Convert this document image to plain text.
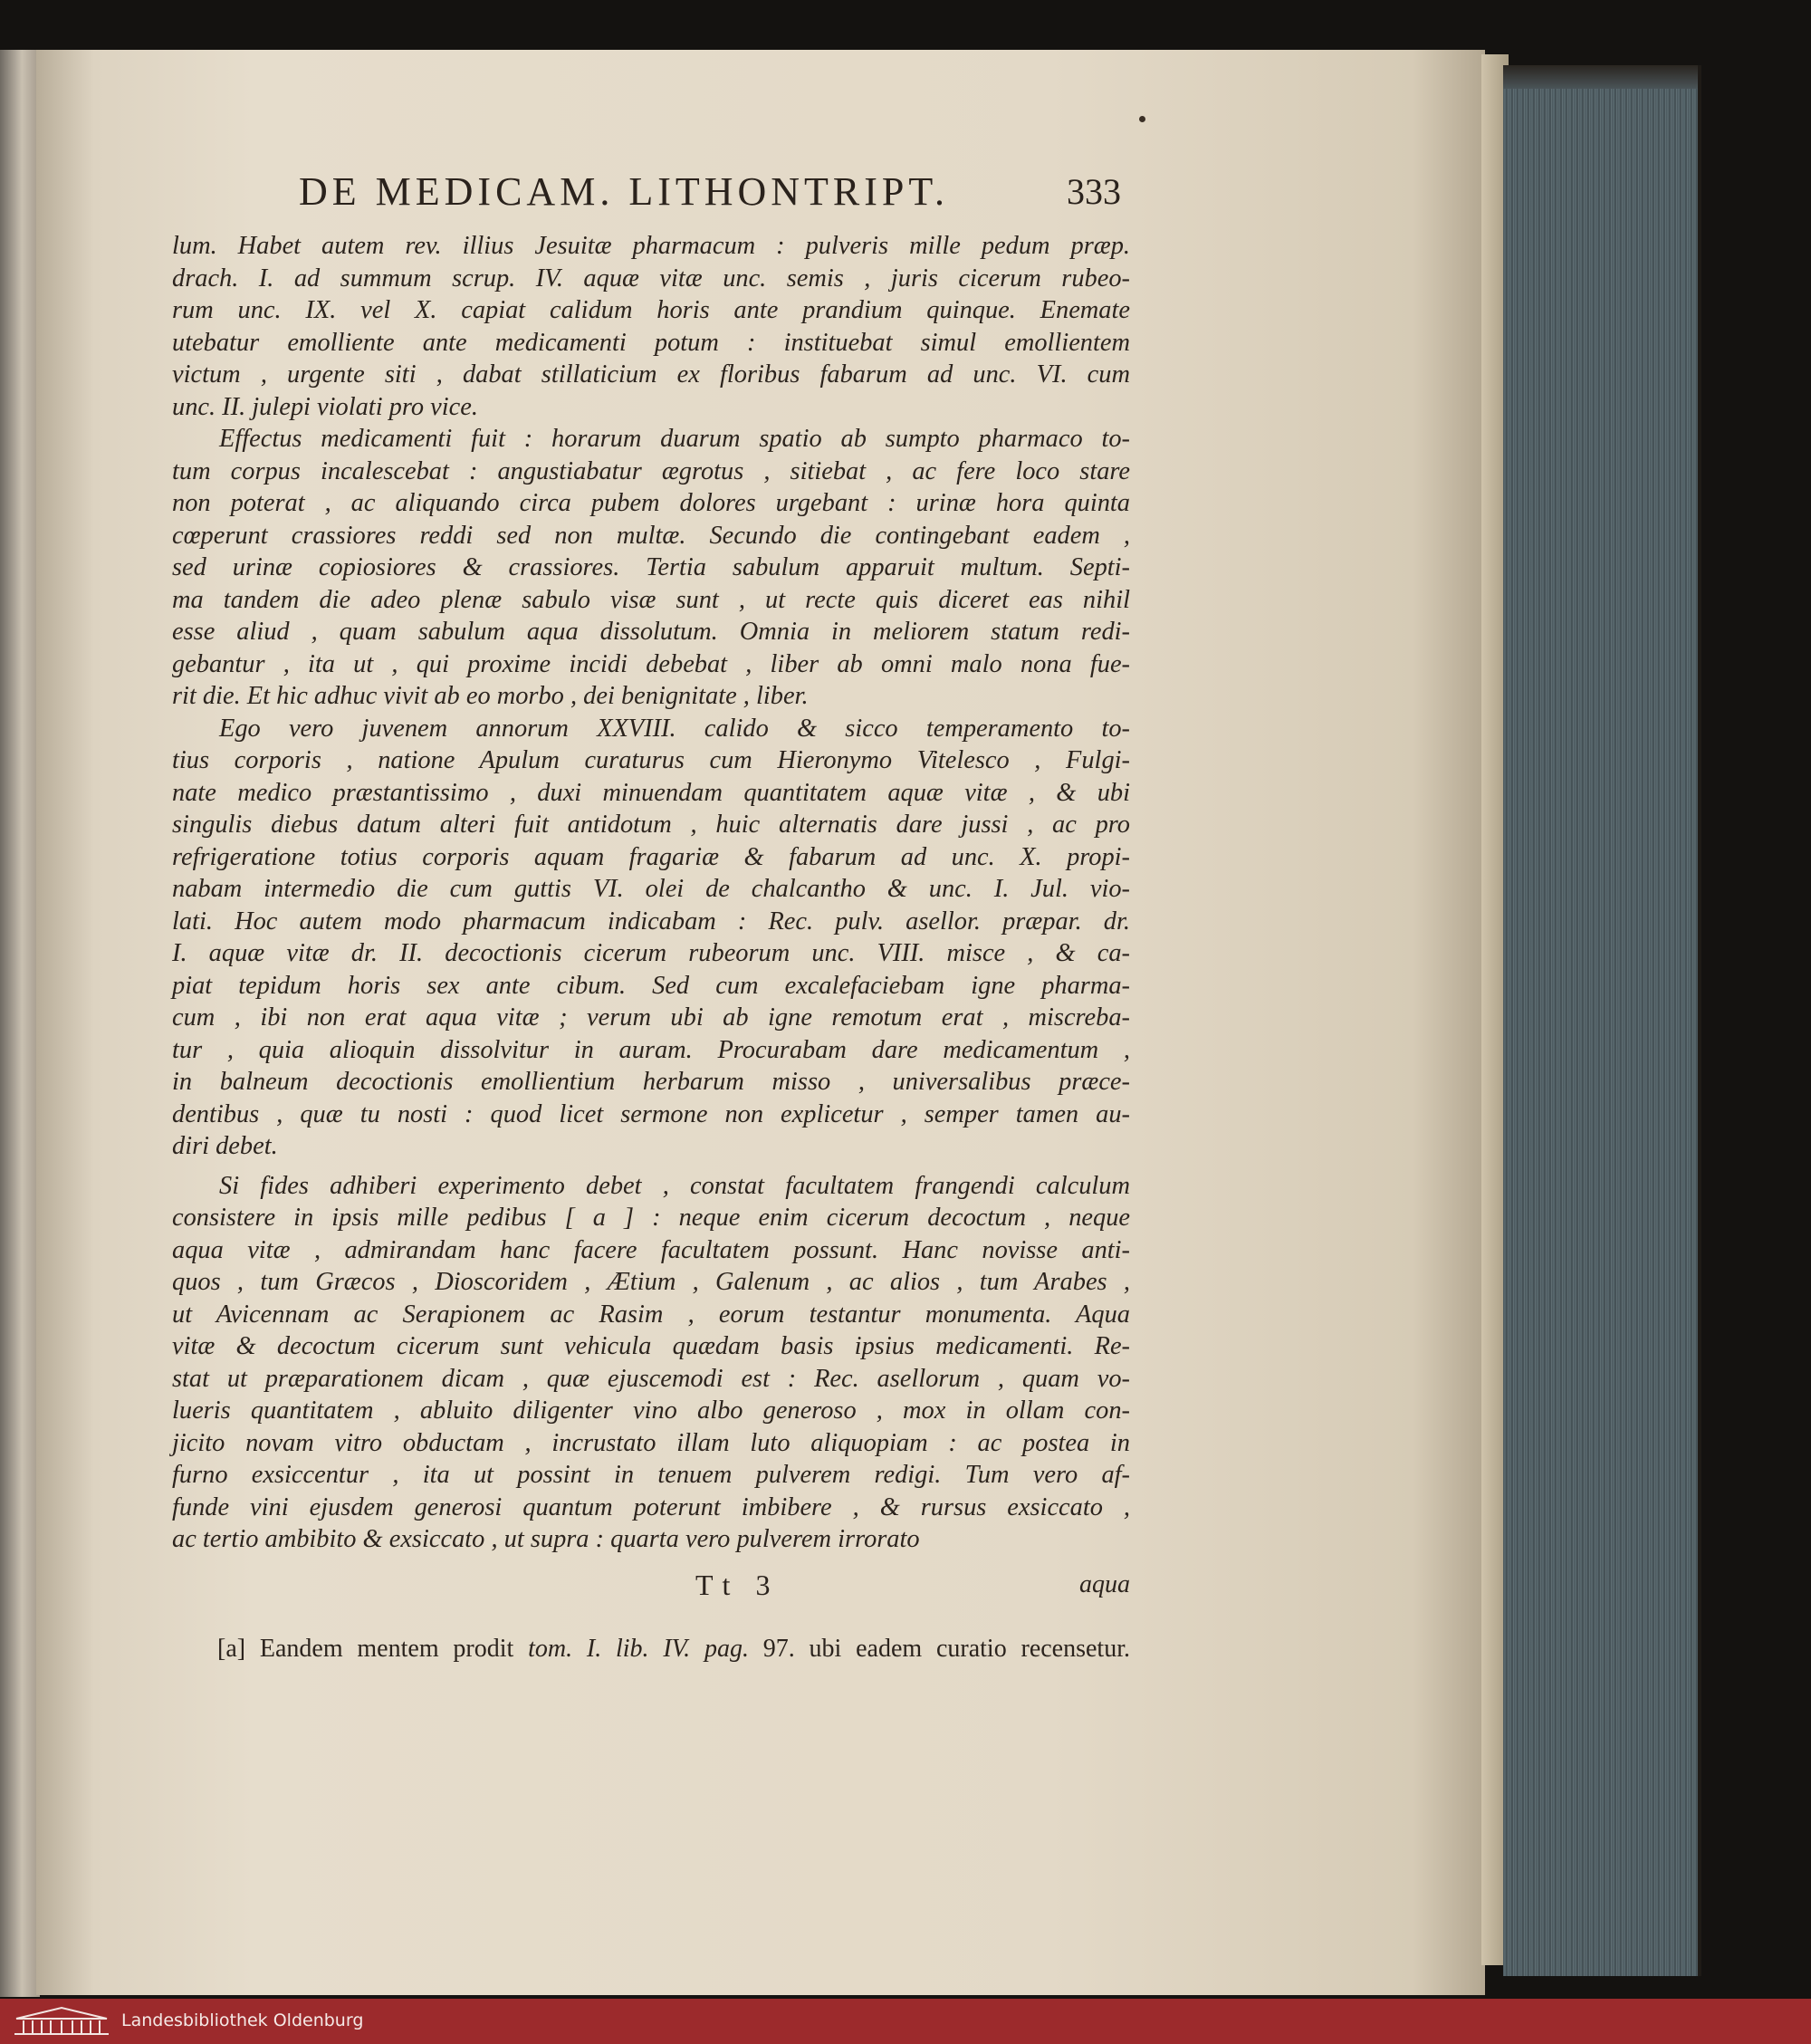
DE MEDICAM. LITHONTRIPT.	333
lum. Habet autem rev. illius Jesuitæ pharmacum : pulveris mille pedum præp.
drach. I. ad summum scrup. IV. aquæ vitæ unc. semis , juris cicerum rubeo-
rum unc. IX. vel X. capiat calidum horis ante prandium quinque. Enemate
utebatur emolliente ante medicamenti potum : instituebat simul emollientem
victum , urgente siti , dabat stillaticium ex floribus fabarum ad unc. VI. cum
unc. II. julepi violati pro vice.
Effectus medicamenti fuit : horarum duarum spatio ab sumpto pharmaco to-
tum corpus incalescebat : angustiabatur ægrotus , sitiebat , ac fere loco stare
non poterat , ac aliquando circa pubem dolores urgebant : urinæ hora quinta
cœperunt crassiores reddi sed non multæ. Secundo die contingebant eadem ,
sed urinæ copiosiores & crassiores. Tertia sabulum apparuit multum. Septi-
ma tandem die adeo plenæ sabulo visæ sunt , ut recte quis diceret eas nihil
esse aliud , quam sabulum aqua dissolutum. Omnia in meliorem statum redi-
gebantur , ita ut , qui proxime incidi debebat , liber ab omni malo nona fue-
rit die. Et hic adhuc vivit ab eo morbo , dei benignitate , liber.
Ego vero juvenem annorum XXVIII. calido & sicco temperamento to-
tius corporis , natione Apulum curaturus cum Hieronymo Vitelesco , Fulgi-
nate medico præstantissimo , duxi minuendam quantitatem aquæ vitæ , & ubi
singulis diebus datum alteri fuit antidotum , huic alternatis dare jussi , ac pro
refrigeratione totius corporis aquam fragariæ & fabarum ad unc. X. propi-
nabam intermedio die cum guttis VI. olei de chalcantho & unc. I. Jul. vio-
lati. Hoc autem modo pharmacum indicabam : Rec. pulv. asellor. præpar. dr.
I. aquæ vitæ dr. II. decoctionis cicerum rubeorum unc. VIII. misce , & ca-
piat tepidum horis sex ante cibum. Sed cum excalefaciebam igne pharma-
cum , ibi non erat aqua vitæ ; verum ubi ab igne remotum erat , miscreba-
tur , quia alioquin dissolvitur in auram. Procurabam dare medicamentum ,
in balneum decoctionis emollientium herbarum misso , universalibus præce-
dentibus , quæ tu nosti : quod licet sermone non explicetur , semper tamen au-
diri debet.
Si fides adhiberi experimento debet , constat facultatem frangendi calculum
consistere in ipsis mille pedibus [ a ] : neque enim cicerum decoctum , neque
aqua vitæ , admirandam hanc facere facultatem possunt. Hanc novisse anti-
quos , tum Græcos , Dioscoridem , Ætium , Galenum , ac alios , tum Arabes ,
ut Avicennam ac Serapionem ac Rasim , eorum testantur monumenta. Aqua
vitæ & decoctum cicerum sunt vehicula quædam basis ipsius medicamenti. Re-
stat ut præparationem dicam , quæ ejuscemodi est : Rec. asellorum , quam vo-
lueris quantitatem , abluito diligenter vino albo generoso , mox in ollam con-
jicito novam vitro obductam , incrustato illam luto aliquopiam : ac postea in
furno exsiccentur , ita ut possint in tenuem pulverem redigi. Tum vero af-
funde vini ejusdem generosi quantum poterunt imbibere , & rursus exsiccato ,
ac tertio ambibito & exsiccato , ut supra : quarta vero pulverem irrorato
Tt 3	aqua
[a] Eandem mentem prodit tom. I. lib. IV. pag. 97. ubi eadem curatio recensetur.
Landesbibliothek Oldenburg
